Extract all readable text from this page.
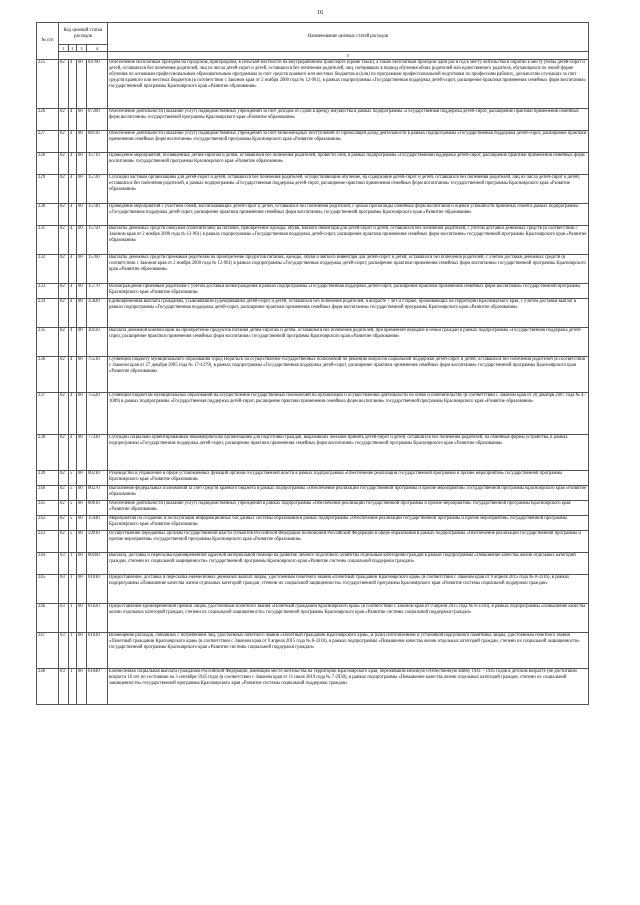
16
№ п/п	Код целевой статьи расходов				Наименование целевых статей расходов
	1	2	3	4	
					5
225	02	4	00	04700	Обеспечение бесплатным проездом на городском, пригородном, в сельской местности на внутрирайонном транспорте (кроме такси), а также бесплатным проездом один раз в год к месту жительства и обратно к месту учебы детей-сирот и детей, оставшихся без попечения родителей, лиц из числа детей-сирот и детей, оставшихся без попечения родителей, лиц, потерявших в период обучения обоих родителей или единственного родителя, обучающихся по очной форме обучения по основным профессиональным образовательным программам за счет средств краевого или местных бюджетов и (или) по программам профессиональной подготовки по профессиям рабочих, должностям служащих за счет средств краевого или местных бюджетов (в соответствии с Законом края от 2 ноября 2000 года № 12-961), в рамках подпрограммы «Государственная поддержка детей-сирот, расширение практики применения семейных форм воспитания» государственной программы Красноярского края «Развитие образования»
226	02	4	00	07200	Обеспечение деятельности (оказание услуг) подведомственных учреждений за счет доходов от сдачи в аренду имущества в рамках подпрограммы «Государственная поддержка детей-сирот, расширение практики применения семейных форм воспитания» государственной программы Красноярского края «Развитие образования»
227	02	4	00	08110	Обеспечение деятельности (оказание услуг) подведомственных учреждений за счет безвозмездных поступлений от приносящей доход деятельности в рамках подпрограммы «Государственная поддержка детей-сирот, расширение практики применения семейных форм воспитания» государственной программы Красноярского края «Развитие образования»
228	02	4	00	15710	Проведение мероприятий, посвященных детям-сиротам и детям, оставшимся без попечения родителей, провести себя, в рамках подпрограммы «Государственная поддержка детей-сирот, расширение практики применения семейных форм воспитания» государственной программы Красноярского края «Развитие образования»
229	02	4	00	15720	Субсидии частным организациям для детей-сирот и детей, оставшихся без попечения родителей, осуществляющим обучение, на содержание детей-сирот и детей, оставшихся без попечения родителей, лиц из числа детей-сирот и детей, оставшихся без попечения родителей, в рамках подпрограммы «Государственная поддержка детей-сирот, расширение практики применения семейных форм воспитания» государственной программы Красноярского края «Развитие образования»
230	02	4	00	15740	Проведение мероприятий с участием семей, воспитывающих детей-сирот и детей, оставшихся без попечения родителей, с целью пропаганды семейных форм воспитания и оценки успешности приемных семей в рамках подпрограммы «Государственная поддержка детей-сирот, расширение практики применения семейных форм воспитания» государственной программы Красноярского края «Развитие образования»
231	02	4	00	15750	Выплаты денежных средств опекунам (попечителям) на питание, приобретение одежды, обуви, мягкого инвентаря для детей-сирот и детей, оставшихся без попечения родителей, с учетом доставки денежных средств (в соответствии с Законом края от 2 ноября 2000 года № 12-961) в рамках подпрограммы «Государственная поддержка детей-сирот, расширение практики применения семейных форм воспитания» государственной программы Красноярского края «Развитие образования»
232	02	4	00	15760	Выплаты денежных средств приемным родителям на приобретение продуктов питания, одежды, обуви и мягкого инвентаря для детей-сирот и детей, оставшихся без попечения родителей, с учетом доставки денежных средств (в соответствии с Законом края от 2 ноября 2000 года № 12-961) в рамках подпрограммы «Государственная поддержка детей-сирот, расширение практики применения семейных форм воспитания» государственной программы Красноярского края «Развитие образования»
233	02	4	00	15770	Вознаграждение приемным родителям с учетом доставки вознаграждения в рамках подпрограммы «Государственная поддержка детей-сирот, расширение практики применения семейных форм воспитания» государственной программы Красноярского края «Развитие образования»
234	02	4	00	15820	Единовременная выплата гражданам, усыновившим (удочерившим) детей-сирот и детей, оставшихся без попечения родителей, в возрасте 7 лет и старше, проживающих на территории Красноярского края, с учетом доставки выплат в рамках подпрограммы «Государственная поддержка детей-сирот, расширение практики применения семейных форм воспитания» государственной программы Красноярского края «Развитие образования»
235	02	4	00	30110	Выплата денежной компенсации на приобретение продуктов питания детям-сиротам и детям, оставшимся без попечения родителей, при временной передаче в семьи граждан в рамках подпрограммы «Государственная поддержка детей-сирот, расширение практики применения семейных форм воспитания» государственной программы Красноярского края «Развитие образования»
236	02	4	00	75510	Субвенции бюджету муниципального образования город Норильск на осуществление государственных полномочий по решению вопросов социальной поддержки детей-сирот и детей, оставшихся без попечения родителей (в соответствии с Законом края от 27 декабря 2005 года № 17-4379), в рамках подпрограммы «Государственная поддержка детей-сирот, расширение практики применения семейных форм воспитания» государственной программы Красноярского края «Развитие образования»
237	02	4	00	75520	Субвенции бюджетам муниципальных образований на осуществление государственных полномочий по организации и осуществлению деятельности по опеке и попечительству (в соответствии с Законом края от 20 декабря 2007 года № 4-1089) в рамках подпрограммы «Государственная поддержка детей-сирот, расширение практики применения семейных форм воспитания» государственной программы Красноярского края «Развитие образования»
238	02	4	00	77330	Субсидии социально ориентированным некоммерческим организациям для подготовки граждан, выразивших желание принять детей-сирот и детей, оставшихся без попечения родителей, на семейные формы устройства, в рамках подпрограммы «Государственная поддержка детей-сирот, расширение практики применения семейных форм воспитания» государственной программы Красноярского края «Развитие образования»
239	02	5	00	00210	Руководство и управление в сфере установленных функций органов государственной власти в рамках подпрограммы «Обеспечение реализации государственной программы и прочие мероприятия» государственной программы Красноярского края «Развитие образования»
240	02	5	00	00270	Выполнение федеральных полномочий за счет средств краевого бюджета в рамках подпрограммы «Обеспечение реализации государственной программы и прочие мероприятия» государственной программы Красноярского края «Развитие образования»
241	02	5	00	00610	Обеспечение деятельности (оказание услуг) подведомственных учреждений в рамках подпрограммы «Обеспечение реализации государственной программы и прочие мероприятия» государственной программы Красноярского края «Развитие образования»
242	02	5	00	15940	Мероприятия по созданию и эксплуатации информационных баз данных системы образования в рамках подпрограммы «Обеспечение реализации государственной программы и прочие мероприятия» государственной программы Красноярского края «Развитие образования»
243	02	5	00	59910	Осуществление переданных органам государственной власти субъектов Российской Федерации полномочий Российской Федерации в сфере образования в рамках подпрограммы «Обеспечение реализации государственной программы и прочие мероприятия» государственной программы Красноярского края «Развитие образования»
244	03	1	00	00100	Выплата, доставка и пересылка единовременной адресной материальной помощи на развитие личного подсобного хозяйства отдельным категориям граждан в рамках подпрограммы «Повышение качества жизни отдельных категорий граждан, степени их социальной защищенности» государственной программы Красноярского края «Развитие системы социальной поддержки граждан»
245	03	1	00	01010	Предоставление, доставка и пересылка ежемесячных денежных выплат лицам, удостоенным почетного звания «Почетный гражданин Красноярского края» (в соответствии с Законом края от 9 апреля 2015 года № 8-3316), в рамках подпрограммы «Повышение качества жизни отдельных категорий граждан, степени их социальной защищенности» государственной программы Красноярского края «Развитие системы социальной поддержки граждан»
246	03	1	00	01020	Предоставление единовременной премии лицам, удостоенным почетного звания «Почетный гражданин Красноярского края» (в соответствии с Законом края от 9 апреля 2015 года № 8-3316), в рамках подпрограммы «Повышение качества жизни отдельных категорий граждан, степени их социальной защищенности» государственной программы Красноярского края «Развитие системы социальной поддержки граждан»
247	03	1	00	01030	Возмещение расходов, связанных с погребением лиц, удостоенных почетного звания «Почетный гражданин Красноярского края», и (или) изготовлением и установкой надгробного памятника лицам, удостоенным почетного звания «Почетный гражданин Красноярского края» (в соответствии с Законом края от 9 апреля 2015 года № 8-3316), в рамках подпрограммы «Повышение качества жизни отдельных категорий граждан, степени их социальной защищенности» государственной программы Красноярского края «Развитие системы социальной поддержки граждан»
248	03	1	00	01040	Ежемесячная социальная выплата гражданам Российской Федерации, имеющим место жительства на территории Красноярского края, пережившим Великую Отечественную войну 1941 – 1945 годов в детском возрасте (не достигшим возраста 18 лет по состоянию на 3 сентября 1945 года) (в соответствии с Законом края от 11 июля 2019 года № 7-2930), в рамках подпрограммы «Повышение качества жизни отдельных категорий граждан, степени их социальной защищенности» государственной программы Красноярского края «Развитие системы социальной поддержки граждан»
